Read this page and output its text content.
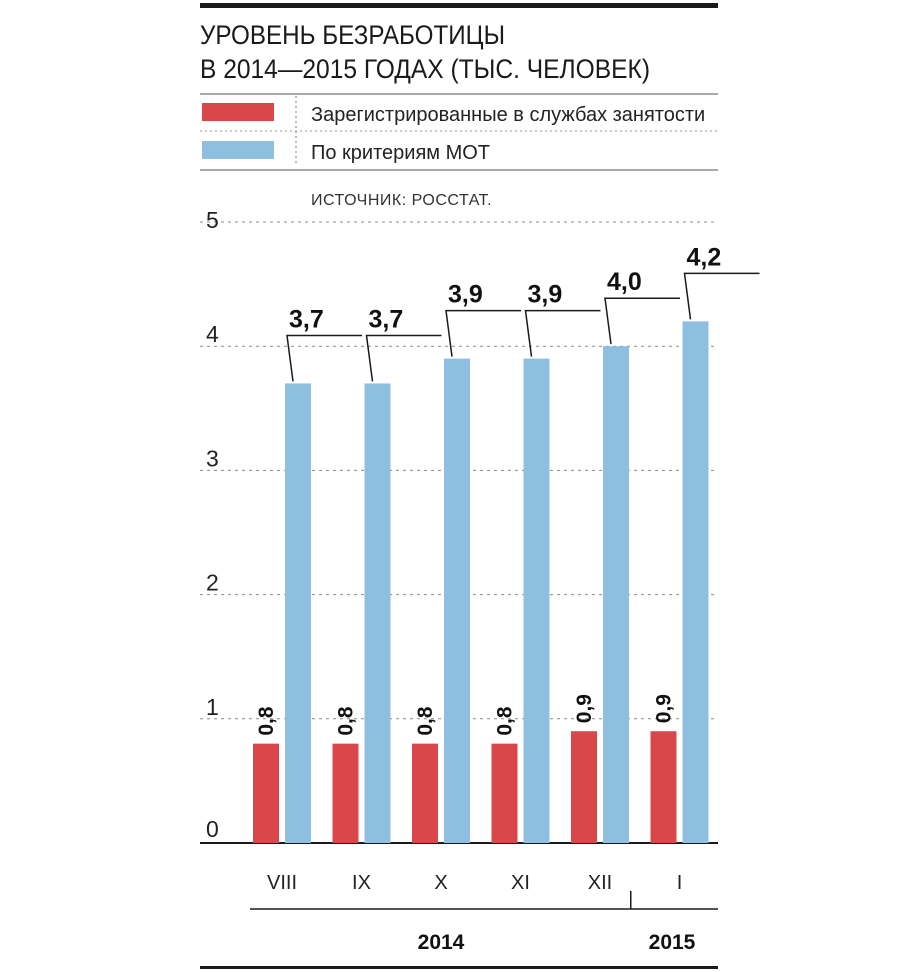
УРОВЕНЬ БЕЗРАБОТИЦЫ
В 2014—2015 ГОДАХ (ТЫС. ЧЕЛОВЕК)
Зарегистрированные в службах занятости
По критериям МОТ
ИСТОЧНИК: РОССТАТ.
0
1
2
3
4
5
0,8
3,7
0,8
3,7
0,8
3,9
0,8
3,9
0,9
4,0
0,9
4,2
VIII	IX	X	XI	XII	I
2014	2015
